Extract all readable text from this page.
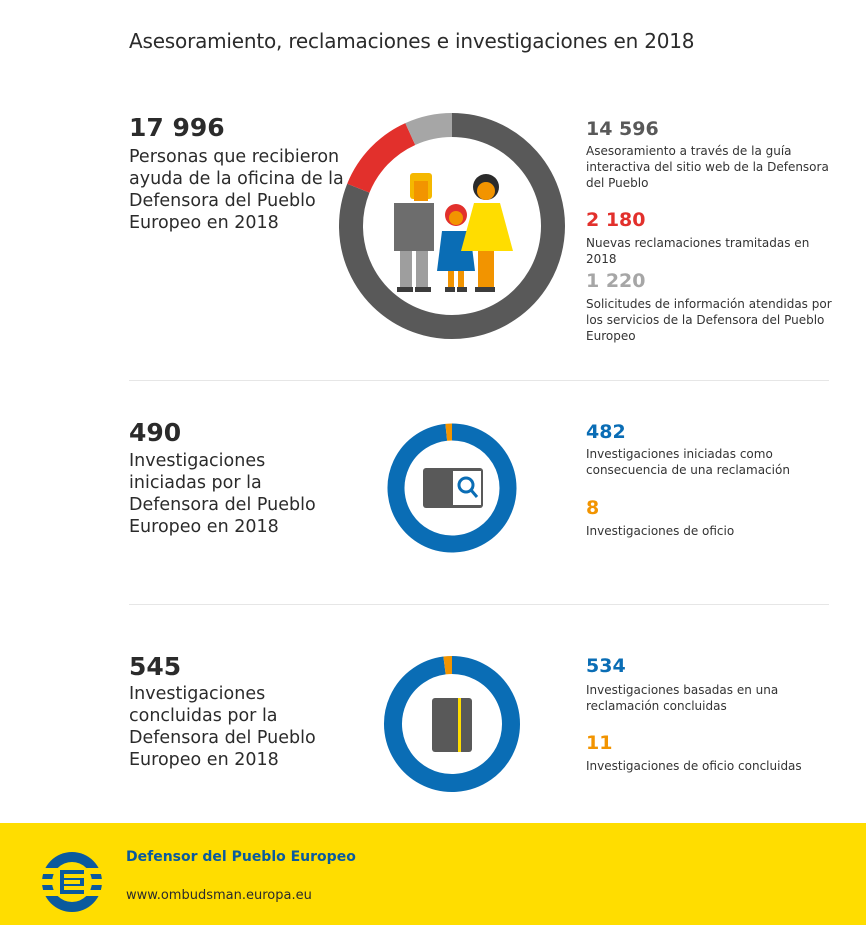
Asesoramiento, reclamaciones e investigaciones en 2018
17 996
Personas que recibieron ayuda de la oficina de la Defensora del Pueblo Europeo en 2018
14 596
Asesoramiento a través de la guía interactiva del sitio web de la Defensora del Pueblo
2 180
Nuevas reclamaciones tramitadas en 2018
1 220
Solicitudes de información atendidas por los servicios de la Defensora del Pueblo Europeo
490
Investigaciones iniciadas por la Defensora del Pueblo Europeo en 2018
482
Investigaciones iniciadas como consecuencia de una reclamación
8
Investigaciones de oficio
545
Investigaciones concluidas por la Defensora del Pueblo Europeo en 2018
534
Investigaciones basadas en una reclamación concluidas
11
Investigaciones de oficio concluidas
Defensor del Pueblo Europeo
www.ombudsman.europa.eu
